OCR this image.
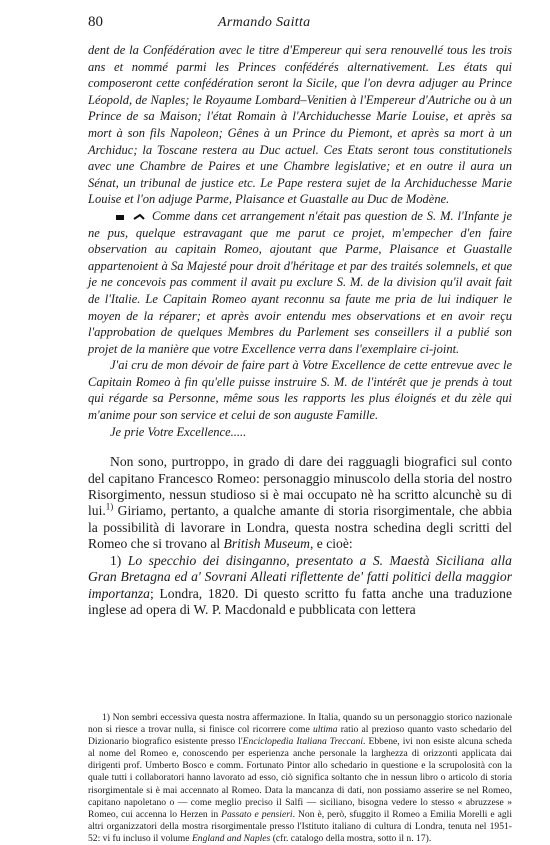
80	Armando Saitta

dent de la Confédération avec le titre d'Empereur qui sera renouvellé tous les trois ans et nommé parmi les Princes confédérés alternativement. Les états qui composeront cette confédération seront la Sicile, que l'on devra adjuger au Prince Léopold, de Naples; le Royaume Lombard–Venitien à l'Empereur d'Autriche ou à un Prince de sa Maison; l'état Romain à l'Archiduchesse Marie Louise, et après sa mort à son fils Napoleon; Gênes à un Prince du Piemont, et après sa mort à un Archiduc; la Toscane restera au Duc actuel. Ces Etats seront tous constitutionels avec une Chambre de Paires et une Chambre legislative; et en outre il aura un Sénat, un tribunal de justice etc. Le Pape restera sujet de la Archiduchesse Marie Louise et l'on adjuge Parme, Plaisance et Guastalle au Duc de Modène.

Comme dans cet arrangement n'était pas question de S. M. l'Infante je ne pus, quelque estravagant que me parut ce projet, m'empecher d'en faire observation au capitain Romeo, ajoutant que Parme, Plaisance et Guastalle appartenoient à Sa Majesté pour droit d'héritage et par des traités solemnels, et que je ne concevois pas comment il avait pu exclure S. M. de la division qu'il avait fait de l'Italie. Le Capitain Romeo ayant reconnu sa faute me pria de lui indiquer le moyen de la réparer; et après avoir entendu mes observations et en avoir reçu l'approbation de quelques Membres du Parlement ses conseillers il a publié son projet de la manière que votre Excellence verra dans l'exemplaire ci-joint.

J'ai cru de mon dévoir de faire part à Votre Excellence de cette entrevue avec le Capitain Romeo à fin qu'elle puisse instruire S. M. de l'intérêt que je prends à tout qui régarde sa Personne, même sous les rapports les plus éloignés et du zèle qui m'anime pour son service et celui de son auguste Famille.

Je prie Votre Excellence.....

Non sono, purtroppo, in grado di dare dei ragguagli biografici sul conto del capitano Francesco Romeo: personaggio minuscolo della storia del nostro Risorgimento, nessun studioso si è mai occupato nè ha scritto alcunchè su di lui.$^{1)}$ Giriamo, pertanto, a qualche amante di storia risorgimentale, che abbia la possibilità di lavorare in Londra, questa nostra schedina degli scritti del Romeo che si trovano al British Museum, e cioè:

1) Lo specchio dei disinganno, presentato a S. Maestà Siciliana alla Gran Bretagna ed a' Sovrani Alleati riflettente de' fatti politici della maggior importanza; Londra, 1820. Di questo scritto fu fatta anche una traduzione inglese ad opera di W. P. Macdonald e pubblicata con lettera

1) Non sembri eccessiva questa nostra affermazione. In Italia, quando su un personaggio storico nazionale non si riesce a trovar nulla, si finisce col ricorrere come ultima ratio al prezioso quanto vasto schedario del Dizionario biografico esistente presso l'Enciclopedia Italiana Treccani. Ebbene, ivi non esiste alcuna scheda al nome del Romeo e, conoscendo per esperienza anche personale la larghezza di orizzonti applicata dai dirigenti prof. Umberto Bosco e comm. Fortunato Pintor allo schedario in questione e la scrupolosità con la quale tutti i collaboratori hanno lavorato ad esso, ciò significa soltanto che in nessun libro o articolo di storia risorgimentale si è mai accennato al Romeo. Data la mancanza di dati, non possiamo asserire se nel Romeo, capitano napoletano o — come meglio preciso il Salfi — siciliano, bisogna vedere lo stesso « abruzzese » Romeo, cui accenna lo Herzen in Passato e pensieri. Non è, però, sfuggito il Romeo a Emilia Morelli e agli altri organizzatori della mostra risorgimentale presso l'Istituto italiano di cultura di Londra, tenuta nel 1951-52: vi fu incluso il volume England and Naples (cfr. catalogo della mostra, sotto il n. 17).
